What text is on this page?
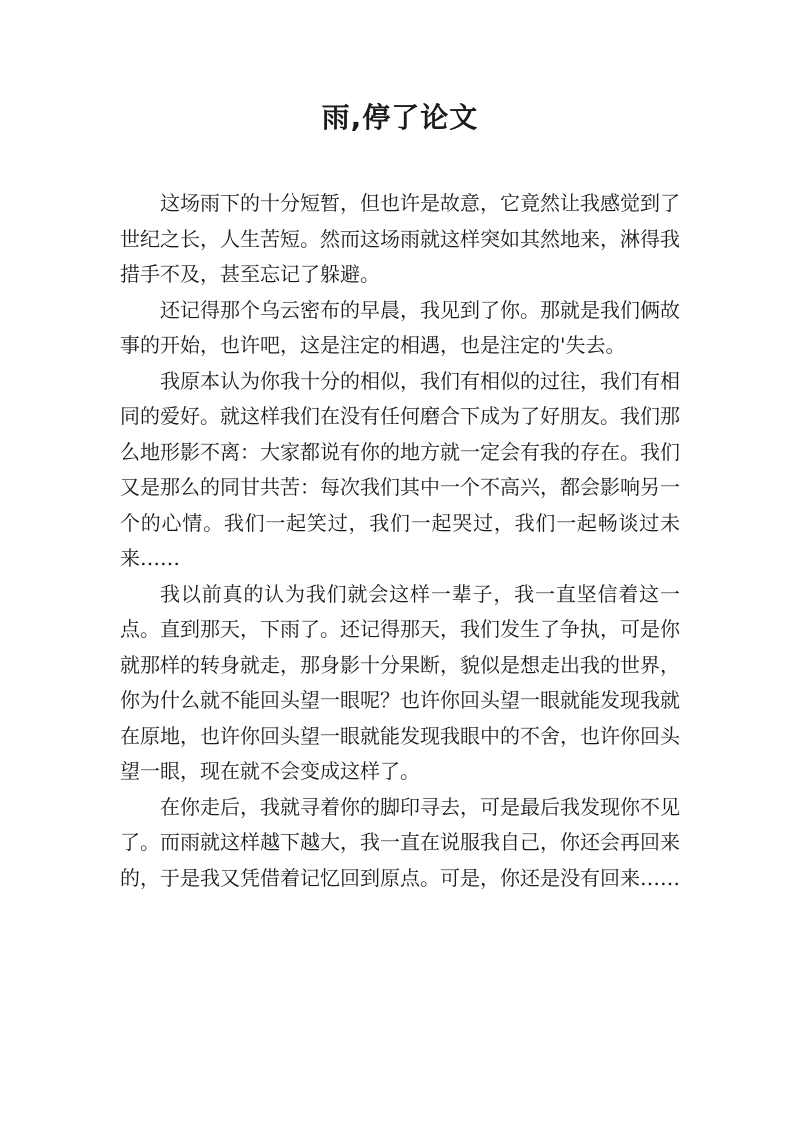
雨,停了论文

这场雨下的十分短暂，但也许是故意，它竟然让我感觉到了世纪之长，人生苦短。然而这场雨就这样突如其然地来，淋得我措手不及，甚至忘记了躲避。

还记得那个乌云密布的早晨，我见到了你。那就是我们俩故事的开始，也许吧，这是注定的相遇，也是注定的'失去。

我原本认为你我十分的相似，我们有相似的过往，我们有相同的爱好。就这样我们在没有任何磨合下成为了好朋友。我们那么地形影不离：大家都说有你的地方就一定会有我的存在。我们又是那么的同甘共苦：每次我们其中一个不高兴，都会影响另一个的心情。我们一起笑过，我们一起哭过，我们一起畅谈过未来……

我以前真的认为我们就会这样一辈子，我一直坚信着这一点。直到那天，下雨了。还记得那天，我们发生了争执，可是你就那样的转身就走，那身影十分果断，貌似是想走出我的世界，你为什么就不能回头望一眼呢？也许你回头望一眼就能发现我就在原地，也许你回头望一眼就能发现我眼中的不舍，也许你回头望一眼，现在就不会变成这样了。

在你走后，我就寻着你的脚印寻去，可是最后我发现你不见了。而雨就这样越下越大，我一直在说服我自己，你还会再回来的，于是我又凭借着记忆回到原点。可是，你还是没有回来……
